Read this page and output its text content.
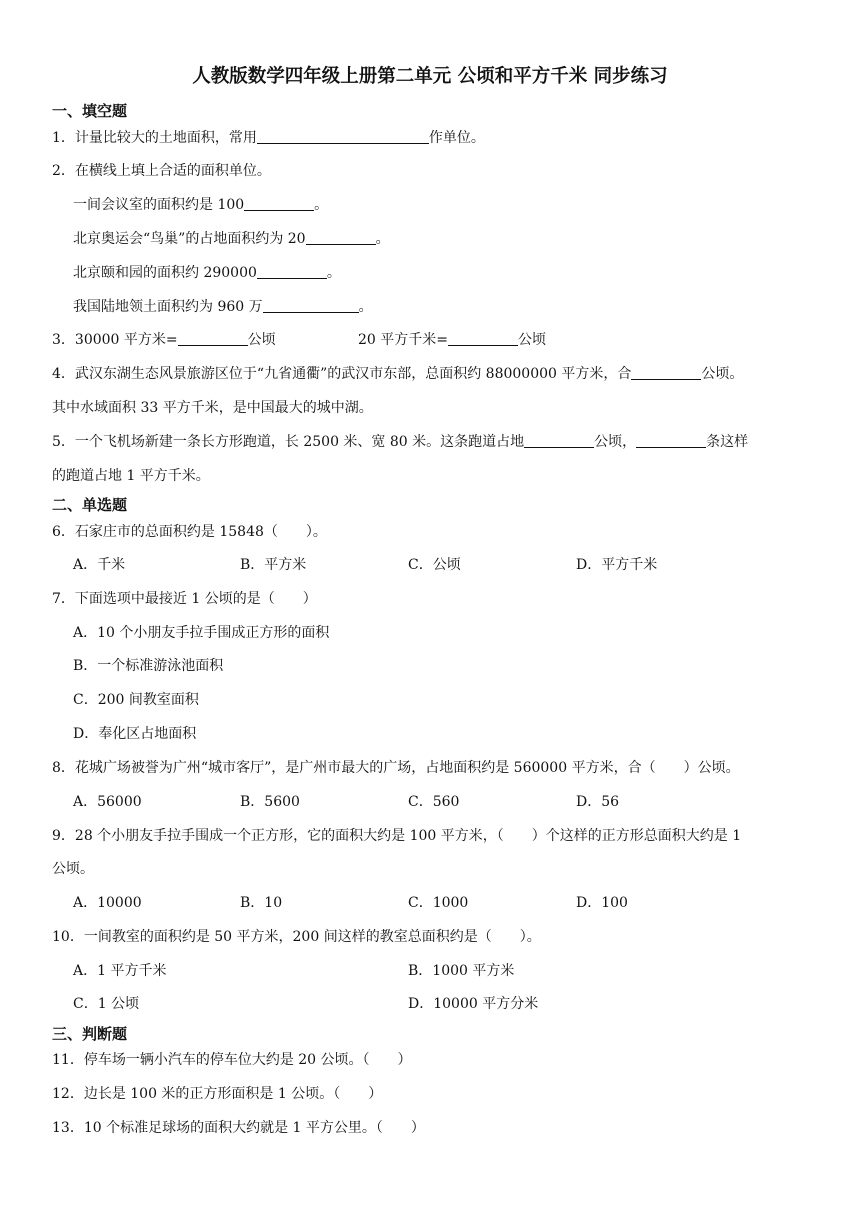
人教版数学四年级上册第二单元 公顷和平方千米 同步练习
一、填空题
1．计量比较大的土地面积，常用	作单位。
2．在横线上填上合适的面积单位。
一间会议室的面积约是 100	。
北京奥运会“鸟巢”的占地面积约为 20	。
北京颐和园的面积约 290000	。
我国陆地领土面积约为 960 万	。
3．30000 平方米=	公顷	20 平方千米=	公顷
4．武汉东湖生态风景旅游区位于“九省通衢”的武汉市东部，总面积约 88000000 平方米，合	公顷。
其中水域面积 33 平方千米，是中国最大的城中湖。
5．一个飞机场新建一条长方形跑道，长 2500 米、宽 80 米。这条跑道占地	公顷，	条这样
的跑道占地 1 平方千米。
二、单选题
6．石家庄市的总面积约是 15848（　　）。
A．千米	B．平方米	C．公顷	D．平方千米
7．下面选项中最接近 1 公顷的是（　　）
A．10 个小朋友手拉手围成正方形的面积
B．一个标准游泳池面积
C．200 间教室面积
D．奉化区占地面积
8．花城广场被誉为广州“城市客厅”，是广州市最大的广场，占地面积约是 560000 平方米，合（　　）公顷。
A．56000	B．5600	C．560	D．56
9．28 个小朋友手拉手围成一个正方形，它的面积大约是 100 平方米，（　　）个这样的正方形总面积大约是 1
公顷。
A．10000	B．10	C．1000	D．100
10．一间教室的面积约是 50 平方米，200 间这样的教室总面积约是（　　）。
A．1 平方千米	B．1000 平方米
C．1 公顷	D．10000 平方分米
三、判断题
11．停车场一辆小汽车的停车位大约是 20 公顷。（　　）
12．边长是 100 米的正方形面积是 1 公顷。（　　）
13．10 个标准足球场的面积大约就是 1 平方公里。（　　）
